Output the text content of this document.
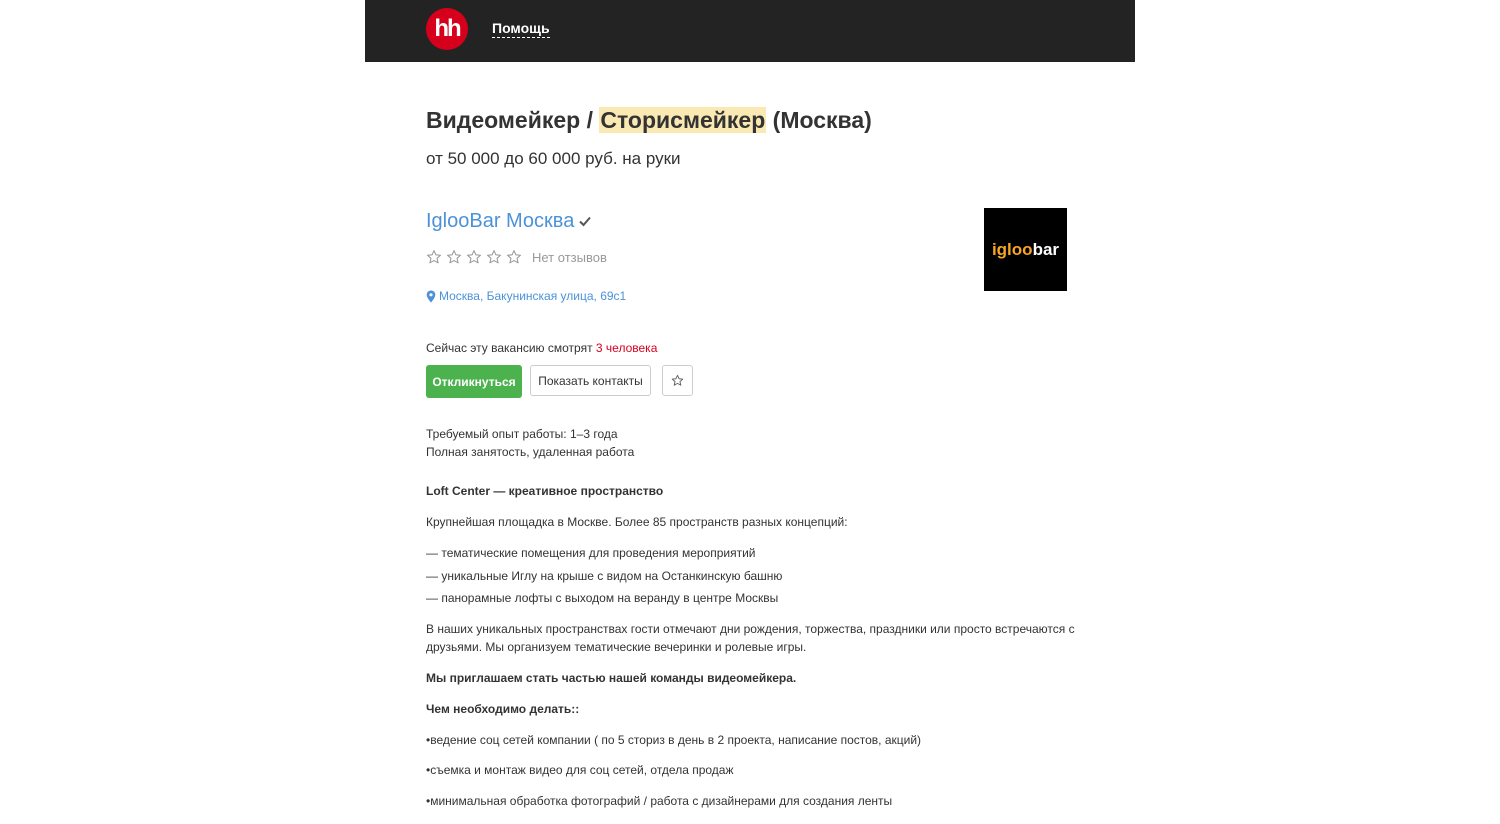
hh	Помощь
Видеомейкер / Сторисмейкер (Москва)
от 50 000 до 60 000 руб. на руки
IglooBar Москва
Нет отзывов
Москва, Бакунинская улица, 69с1
igloo bar
Сейчас эту вакансию смотрят 3 человека
Откликнуться	Показать контакты
Требуемый опыт работы: 1–3 года
Полная занятость, удаленная работа
Loft Center — креативное пространство
Крупнейшая площадка в Москве. Более 85 пространств разных концепций:
— тематические помещения для проведения мероприятий
— уникальные Иглу на крыше с видом на Останкинскую башню
— панорамные лофты с выходом на веранду в центре Москвы
В наших уникальных пространствах гости отмечают дни рождения, торжества, праздники или просто встречаются с
друзьями. Мы организуем тематические вечеринки и ролевые игры.
Мы приглашаем стать частью нашей команды видеомейкера.
Чем необходимо делать::
•ведение соц сетей компании ( по 5 сториз в день в 2 проекта, написание постов, акций)
•съемка и монтаж видео для соц сетей, отдела продаж
•минимальная обработка фотографий / работа с дизайнерами для создания ленты
